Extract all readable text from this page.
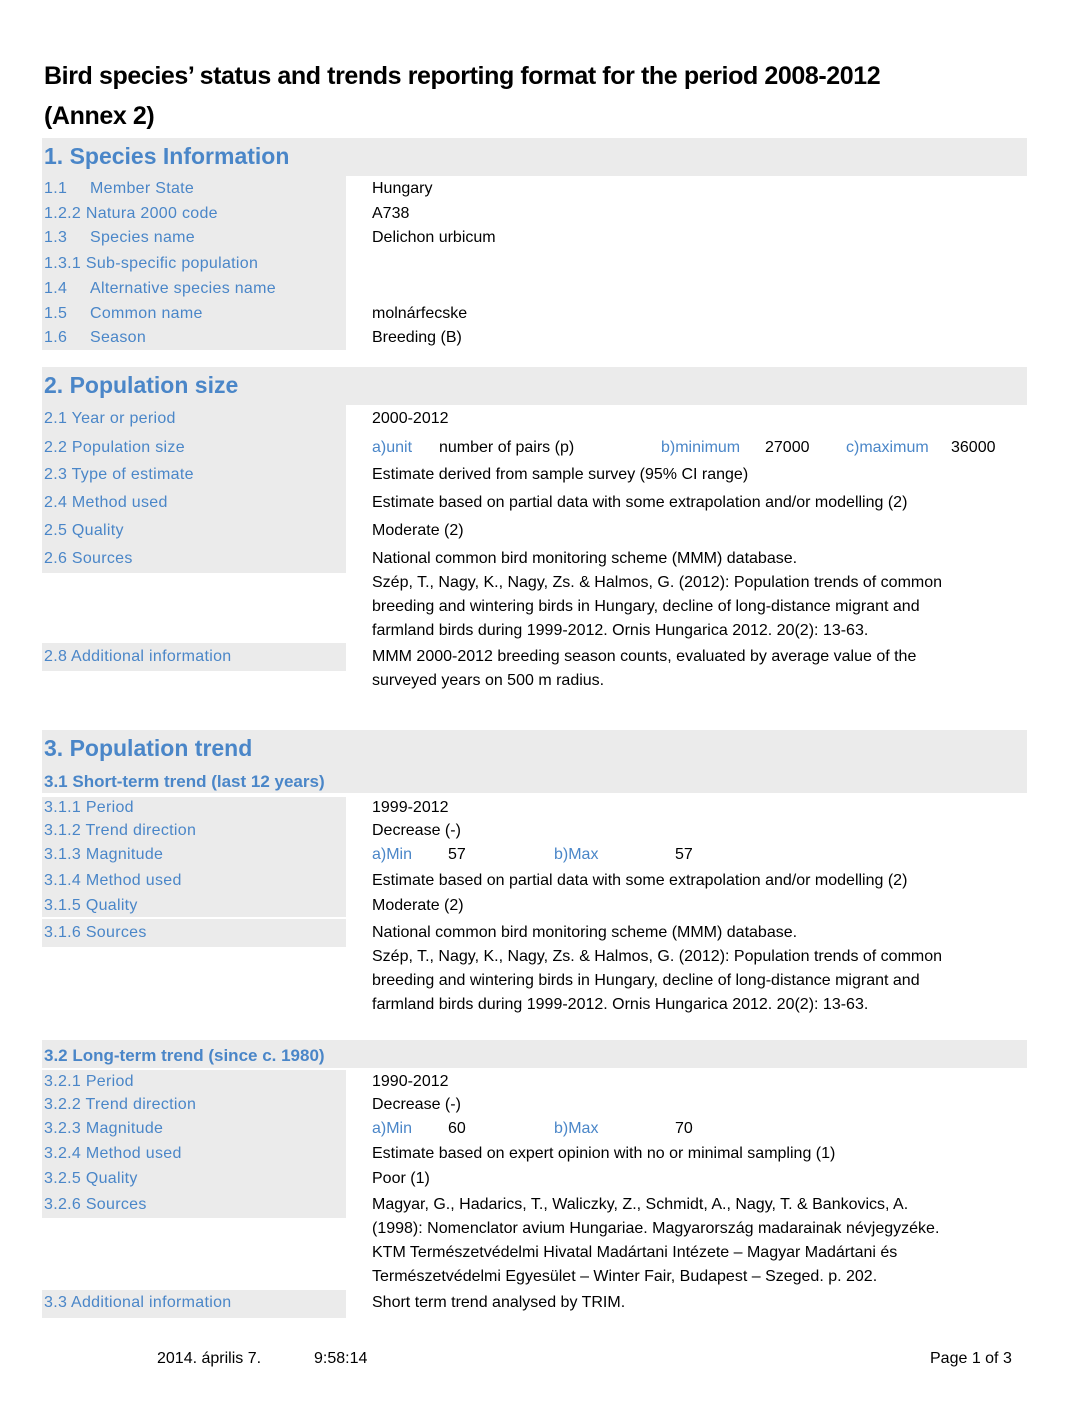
Bird species’ status and trends reporting format for the period 2008-2012
(Annex 2)
1. Species Information
1.1 Member State	Hungary
1.2.2 Natura 2000 code	A738
1.3 Species name	Delichon urbicum
1.3.1 Sub-specific population
1.4 Alternative species name
1.5 Common name	molnárfecske
1.6 Season	Breeding (B)
2. Population size
2.1 Year or period	2000-2012
2.2 Population size	a)unit number of pairs (p)	b)minimum 27000 c)maximum 36000
2.3 Type of estimate	Estimate derived from sample survey (95% CI range)
2.4 Method used	Estimate based on partial data with some extrapolation and/or modelling (2)
2.5 Quality	Moderate (2)
2.6 Sources	National common bird monitoring scheme (MMM) database.
Szép, T., Nagy, K., Nagy, Zs. & Halmos, G. (2012): Population trends of common
breeding and wintering birds in Hungary, decline of long-distance migrant and
farmland birds during 1999-2012. Ornis Hungarica 2012. 20(2): 13-63.
2.8 Additional information	MMM 2000-2012 breeding season counts, evaluated by average value of the
surveyed years on 500 m radius.
3. Population trend
3.1 Short-term trend (last 12 years)
3.1.1 Period	1999-2012
3.1.2 Trend direction	Decrease (-)
3.1.3 Magnitude	a)Min 57	b)Max	57
3.1.4 Method used	Estimate based on partial data with some extrapolation and/or modelling (2)
3.1.5 Quality	Moderate (2)
3.1.6 Sources	National common bird monitoring scheme (MMM) database.
Szép, T., Nagy, K., Nagy, Zs. & Halmos, G. (2012): Population trends of common
breeding and wintering birds in Hungary, decline of long-distance migrant and
farmland birds during 1999-2012. Ornis Hungarica 2012. 20(2): 13-63.
3.2 Long-term trend (since c. 1980)
3.2.1 Period	1990-2012
3.2.2 Trend direction	Decrease (-)
3.2.3 Magnitude	a)Min 60	b)Max	70
3.2.4 Method used	Estimate based on expert opinion with no or minimal sampling (1)
3.2.5 Quality	Poor (1)
3.2.6 Sources	Magyar, G., Hadarics, T., Waliczky, Z., Schmidt, A., Nagy, T. & Bankovics, A.
(1998): Nomenclator avium Hungariae. Magyarország madarainak névjegyzéke.
KTM Természetvédelmi Hivatal Madártani Intézete – Magyar Madártani és
Természetvédelmi Egyesület – Winter Fair, Budapest – Szeged. p. 202.
3.3 Additional information	Short term trend analysed by TRIM.
2014. április 7.	9:58:14	Page 1 of 3
